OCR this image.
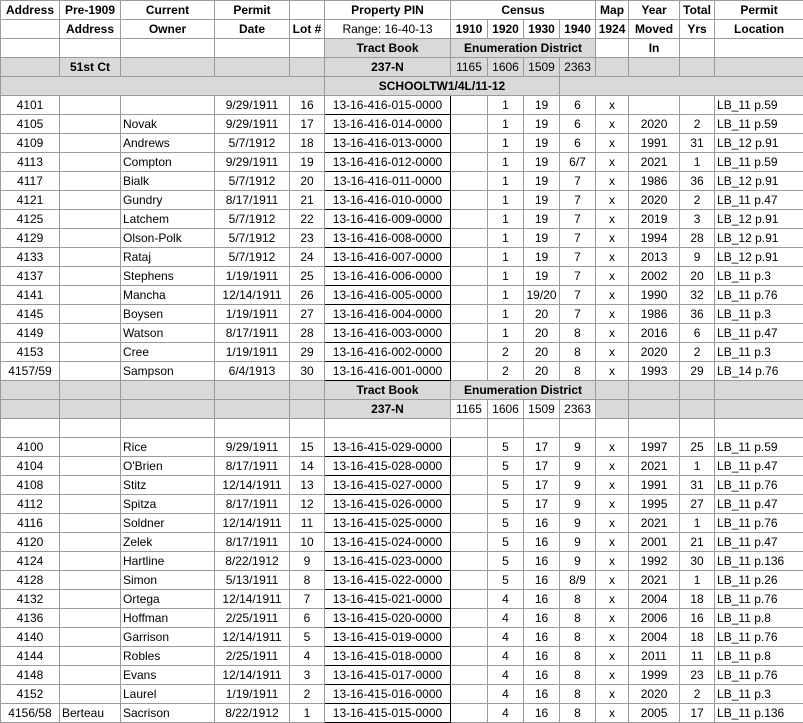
Address	Pre-1909	Current	Permit		Property PIN	Census				Map	Year	Total	Permit
	Address	Owner	Date	Lot #	Range: 16-40-13	1910	1920	1930	1940	1924	Moved	Yrs	Location
					Tract Book	Enumeration District					In		
	51st Ct				237-N	1165	1606	1509	2363				
					SCHOOLTW1/4L/11-12								
4101			9/29/1911	16	13-16-416-015-0000		1	19	6	x			LB_11 p.59
4105		Novak	9/29/1911	17	13-16-416-014-0000		1	19	6	x	2020	2	LB_11 p.59
4109		Andrews	5/7/1912	18	13-16-416-013-0000		1	19	6	x	1991	31	LB_12 p.91
4113		Compton	9/29/1911	19	13-16-416-012-0000		1	19	6/7	x	2021	1	LB_11 p.59
4117		Bialk	5/7/1912	20	13-16-416-011-0000		1	19	7	x	1986	36	LB_12 p.91
4121		Gundry	8/17/1911	21	13-16-416-010-0000		1	19	7	x	2020	2	LB_11 p.47
4125		Latchem	5/7/1912	22	13-16-416-009-0000		1	19	7	x	2019	3	LB_12 p.91
4129		Olson-Polk	5/7/1912	23	13-16-416-008-0000		1	19	7	x	1994	28	LB_12 p.91
4133		Rataj	5/7/1912	24	13-16-416-007-0000		1	19	7	x	2013	9	LB_12 p.91
4137		Stephens	1/19/1911	25	13-16-416-006-0000		1	19	7	x	2002	20	LB_11 p.3
4141		Mancha	12/14/1911	26	13-16-416-005-0000		1	19/20	7	x	1990	32	LB_11 p.76
4145		Boysen	1/19/1911	27	13-16-416-004-0000		1	20	7	x	1986	36	LB_11 p.3
4149		Watson	8/17/1911	28	13-16-416-003-0000		1	20	8	x	2016	6	LB_11 p.47
4153		Cree	1/19/1911	29	13-16-416-002-0000		2	20	8	x	2020	2	LB_11 p.3
4157/59		Sampson	6/4/1913	30	13-16-416-001-0000		2	20	8	x	1993	29	LB_14 p.76
					Tract Book	Enumeration District							
					237-N	1165	1606	1509	2363				

4100		Rice	9/29/1911	15	13-16-415-029-0000		5	17	9	x	1997	25	LB_11 p.59
4104		O'Brien	8/17/1911	14	13-16-415-028-0000		5	17	9	x	2021	1	LB_11 p.47
4108		Stitz	12/14/1911	13	13-16-415-027-0000		5	17	9	x	1991	31	LB_11 p.76
4112		Spitza	8/17/1911	12	13-16-415-026-0000		5	17	9	x	1995	27	LB_11 p.47
4116		Soldner	12/14/1911	11	13-16-415-025-0000		5	16	9	x	2021	1	LB_11 p.76
4120		Zelek	8/17/1911	10	13-16-415-024-0000		5	16	9	x	2001	21	LB_11 p.47
4124		Hartline	8/22/1912	9	13-16-415-023-0000		5	16	9	x	1992	30	LB_11 p.136
4128		Simon	5/13/1911	8	13-16-415-022-0000		5	16	8/9	x	2021	1	LB_11 p.26
4132		Ortega	12/14/1911	7	13-16-415-021-0000		4	16	8	x	2004	18	LB_11 p.76
4136		Hoffman	2/25/1911	6	13-16-415-020-0000		4	16	8	x	2006	16	LB_11 p.8
4140		Garrison	12/14/1911	5	13-16-415-019-0000		4	16	8	x	2004	18	LB_11 p.76
4144		Robles	2/25/1911	4	13-16-415-018-0000		4	16	8	x	2011	11	LB_11 p.8
4148		Evans	12/14/1911	3	13-16-415-017-0000		4	16	8	x	1999	23	LB_11 p.76
4152		Laurel	1/19/1911	2	13-16-415-016-0000		4	16	8	x	2020	2	LB_11 p.3
4156/58	Berteau	Sacrison	8/22/1912	1	13-16-415-015-0000		4	16	8	x	2005	17	LB_11 p.136
